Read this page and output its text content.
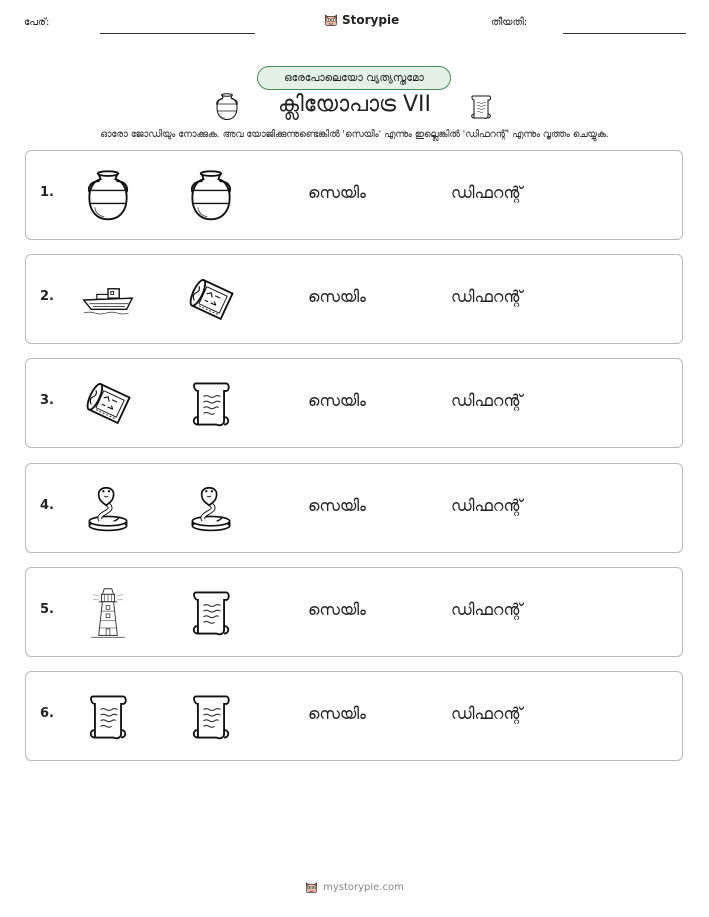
പേര്:	Storypie	തീയതി:
ഒരേപോലെയോ വ്യത്യസ്തമോ
ക്ലിയോപാട്ര VII
ഓരോ ജോഡിയും നോക്കുക. അവ യോജിക്കുന്നുണ്ടെങ്കിൽ 'സെയിം' എന്നും ഇല്ലെങ്കിൽ 'ഡിഫറന്റ്' എന്നും വൃത്തം ചെയ്യുക.
1.	സെയിം	ഡിഫറന്റ്
2.	സെയിം	ഡിഫറന്റ്
3.	സെയിം	ഡിഫറന്റ്
4.	സെയിം	ഡിഫറന്റ്
5.	സെയിം	ഡിഫറന്റ്
6.	സെയിം	ഡിഫറന്റ്
mystorypie.com
